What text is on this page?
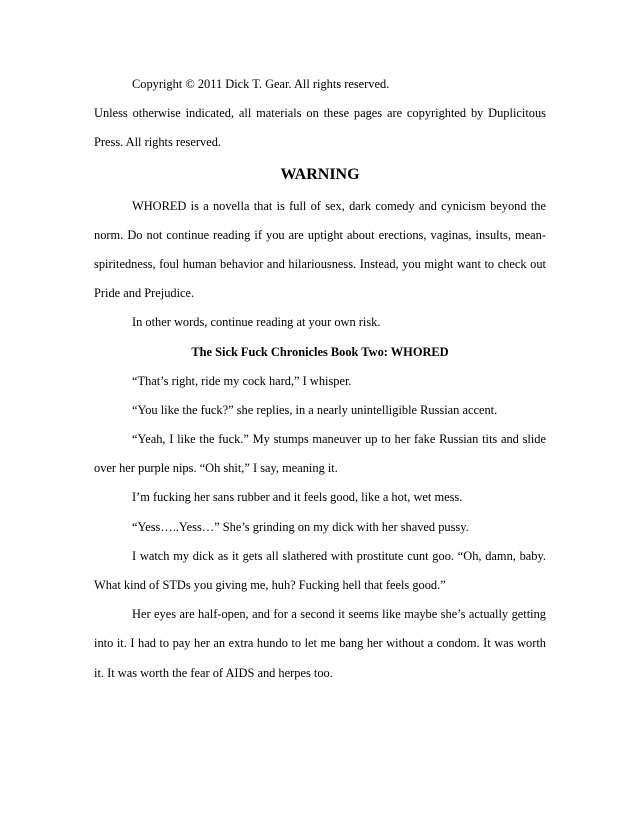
Copyright © 2011 Dick T. Gear. All rights reserved.

Unless otherwise indicated, all materials on these pages are copyrighted by Duplicitous Press. All rights reserved.

WARNING

WHORED is a novella that is full of sex, dark comedy and cynicism beyond the norm. Do not continue reading if you are uptight about erections, vaginas, insults, mean-spiritedness, foul human behavior and hilariousness. Instead, you might want to check out Pride and Prejudice.

In other words, continue reading at your own risk.

The Sick Fuck Chronicles Book Two: WHORED

“That’s right, ride my cock hard,” I whisper.

“You like the fuck?” she replies, in a nearly unintelligible Russian accent.

“Yeah, I like the fuck.” My stumps maneuver up to her fake Russian tits and slide over her purple nips. “Oh shit,” I say, meaning it.

I’m fucking her sans rubber and it feels good, like a hot, wet mess.

“Yess…..Yess…” She’s grinding on my dick with her shaved pussy.

I watch my dick as it gets all slathered with prostitute cunt goo. “Oh, damn, baby. What kind of STDs you giving me, huh? Fucking hell that feels good.”

Her eyes are half-open, and for a second it seems like maybe she’s actually getting into it. I had to pay her an extra hundo to let me bang her without a condom. It was worth it. It was worth the fear of AIDS and herpes too.
